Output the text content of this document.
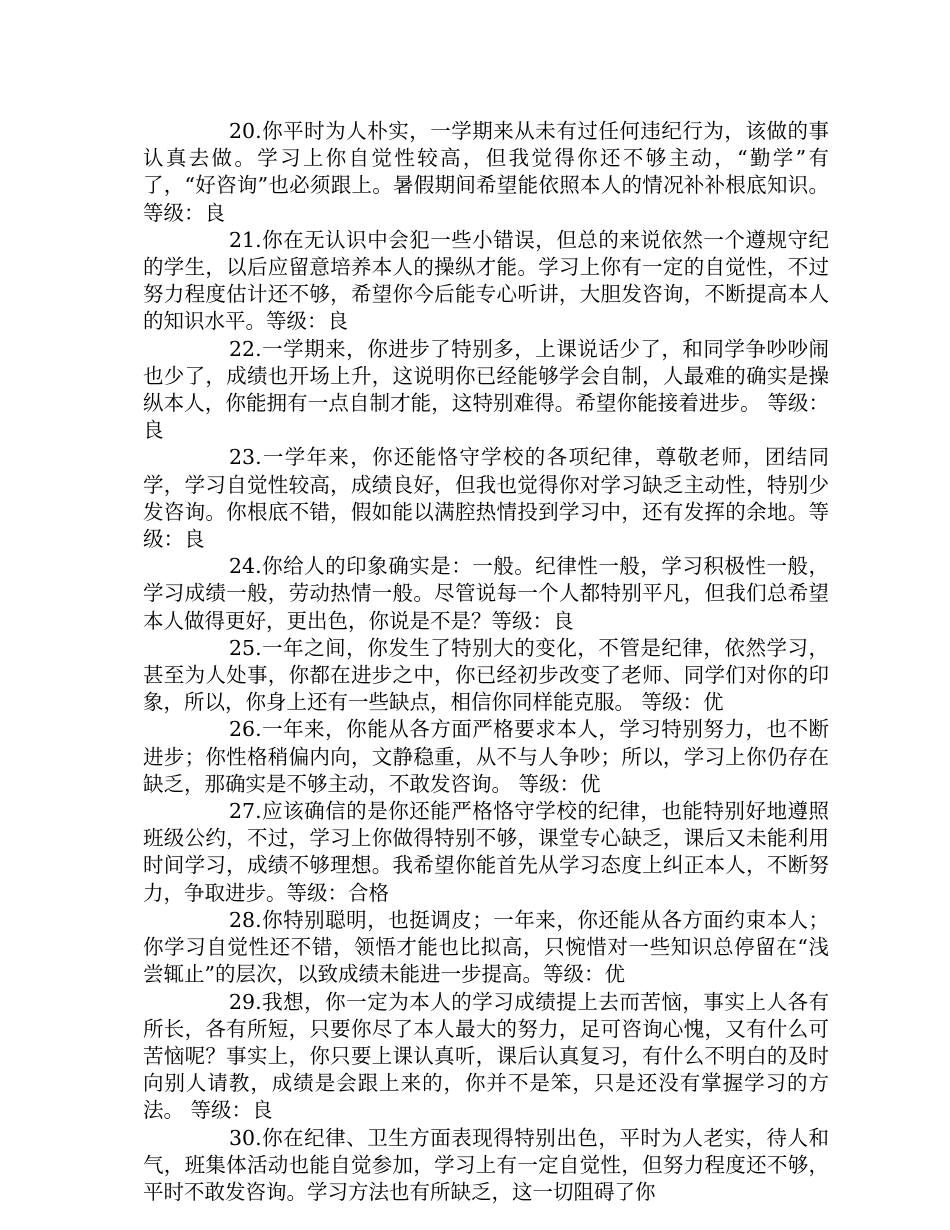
20.你平时为人朴实，一学期来从未有过任何违纪行为，该做的事认真去做。学习上你自觉性较高，但我觉得你还不够主动，“勤学”有了，“好咨询”也必须跟上。暑假期间希望能依照本人的情况补补根底知识。 等级：良

21.你在无认识中会犯一些小错误，但总的来说依然一个遵规守纪的学生，以后应留意培养本人的操纵才能。学习上你有一定的自觉性，不过努力程度估计还不够，希望你今后能专心听讲，大胆发咨询，不断提高本人的知识水平。等级：良

22.一学期来，你进步了特别多，上课说话少了，和同学争吵吵闹也少了，成绩也开场上升，这说明你已经能够学会自制，人最难的确实是操纵本人，你能拥有一点自制才能，这特别难得。希望你能接着进步。 等级：良

23.一学年来，你还能恪守学校的各项纪律，尊敬老师，团结同学，学习自觉性较高，成绩良好，但我也觉得你对学习缺乏主动性，特别少发咨询。你根底不错，假如能以满腔热情投到学习中，还有发挥的余地。等级：良

24.你给人的印象确实是：一般。纪律性一般，学习积极性一般，学习成绩一般，劳动热情一般。尽管说每一个人都特别平凡，但我们总希望本人做得更好，更出色，你说是不是？等级：良

25.一年之间，你发生了特别大的变化，不管是纪律，依然学习，甚至为人处事，你都在进步之中，你已经初步改变了老师、同学们对你的印象，所以，你身上还有一些缺点，相信你同样能克服。 等级：优

26.一年来，你能从各方面严格要求本人，学习特别努力，也不断进步；你性格稍偏内向，文静稳重，从不与人争吵；所以，学习上你仍存在缺乏，那确实是不够主动，不敢发咨询。 等级：优

27.应该确信的是你还能严格恪守学校的纪律，也能特别好地遵照班级公约，不过，学习上你做得特别不够，课堂专心缺乏，课后又未能利用时间学习，成绩不够理想。我希望你能首先从学习态度上纠正本人，不断努力，争取进步。等级：合格

28.你特别聪明，也挺调皮；一年来，你还能从各方面约束本人；你学习自觉性还不错，领悟才能也比拟高，只惋惜对一些知识总停留在“浅尝辄止”的层次，以致成绩未能进一步提高。等级：优

29.我想，你一定为本人的学习成绩提上去而苦恼，事实上人各有所长，各有所短，只要你尽了本人最大的努力，足可咨询心愧，又有什么可苦恼呢？事实上，你只要上课认真听，课后认真复习，有什么不明白的及时向别人请教，成绩是会跟上来的，你并不是笨，只是还没有掌握学习的方法。 等级：良

30.你在纪律、卫生方面表现得特别出色，平时为人老实，待人和气，班集体活动也能自觉参加，学习上有一定自觉性，但努力程度还不够，平时不敢发咨询。学习方法也有所缺乏，这一切阻碍了你
